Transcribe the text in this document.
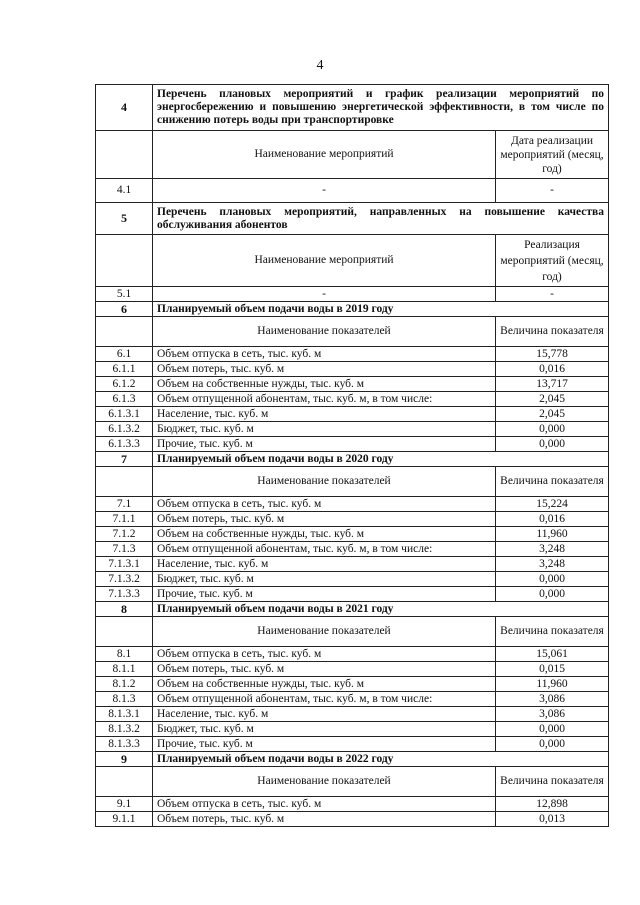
4
4	Перечень плановых мероприятий и график реализации мероприятий по энергосбережению и повышению энергетической эффективности, в том числе по снижению потерь воды при транспортировке	
	Наименование мероприятий	Дата реализации мероприятий (месяц, год)
4.1	-	-
5	Перечень плановых мероприятий, направленных на повышение качества обслуживания абонентов	
	Наименование мероприятий	Реализация мероприятий (месяц, год)
5.1	-	-
6	Планируемый объем подачи воды в 2019 году	
	Наименование показателей	Величина показателя
6.1	Объем отпуска в сеть, тыс. куб. м	15,778
6.1.1	Объем потерь, тыс. куб. м	0,016
6.1.2	Объем на собственные нужды, тыс. куб. м	13,717
6.1.3	Объем отпущенной абонентам, тыс. куб. м, в том числе:	2,045
6.1.3.1	Население, тыс. куб. м	2,045
6.1.3.2	Бюджет, тыс. куб. м	0,000
6.1.3.3	Прочие, тыс. куб. м	0,000
7	Планируемый объем подачи воды в 2020 году	
	Наименование показателей	Величина показателя
7.1	Объем отпуска в сеть, тыс. куб. м	15,224
7.1.1	Объем потерь, тыс. куб. м	0,016
7.1.2	Объем на собственные нужды, тыс. куб. м	11,960
7.1.3	Объем отпущенной абонентам, тыс. куб. м, в том числе:	3,248
7.1.3.1	Население, тыс. куб. м	3,248
7.1.3.2	Бюджет, тыс. куб. м	0,000
7.1.3.3	Прочие, тыс. куб. м	0,000
8	Планируемый объем подачи воды в 2021 году	
	Наименование показателей	Величина показателя
8.1	Объем отпуска в сеть, тыс. куб. м	15,061
8.1.1	Объем потерь, тыс. куб. м	0,015
8.1.2	Объем на собственные нужды, тыс. куб. м	11,960
8.1.3	Объем отпущенной абонентам, тыс. куб. м, в том числе:	3,086
8.1.3.1	Население, тыс. куб. м	3,086
8.1.3.2	Бюджет, тыс. куб. м	0,000
8.1.3.3	Прочие, тыс. куб. м	0,000
9	Планируемый объем подачи воды в 2022 году	
	Наименование показателей	Величина показателя
9.1	Объем отпуска в сеть, тыс. куб. м	12,898
9.1.1	Объем потерь, тыс. куб. м	0,013
